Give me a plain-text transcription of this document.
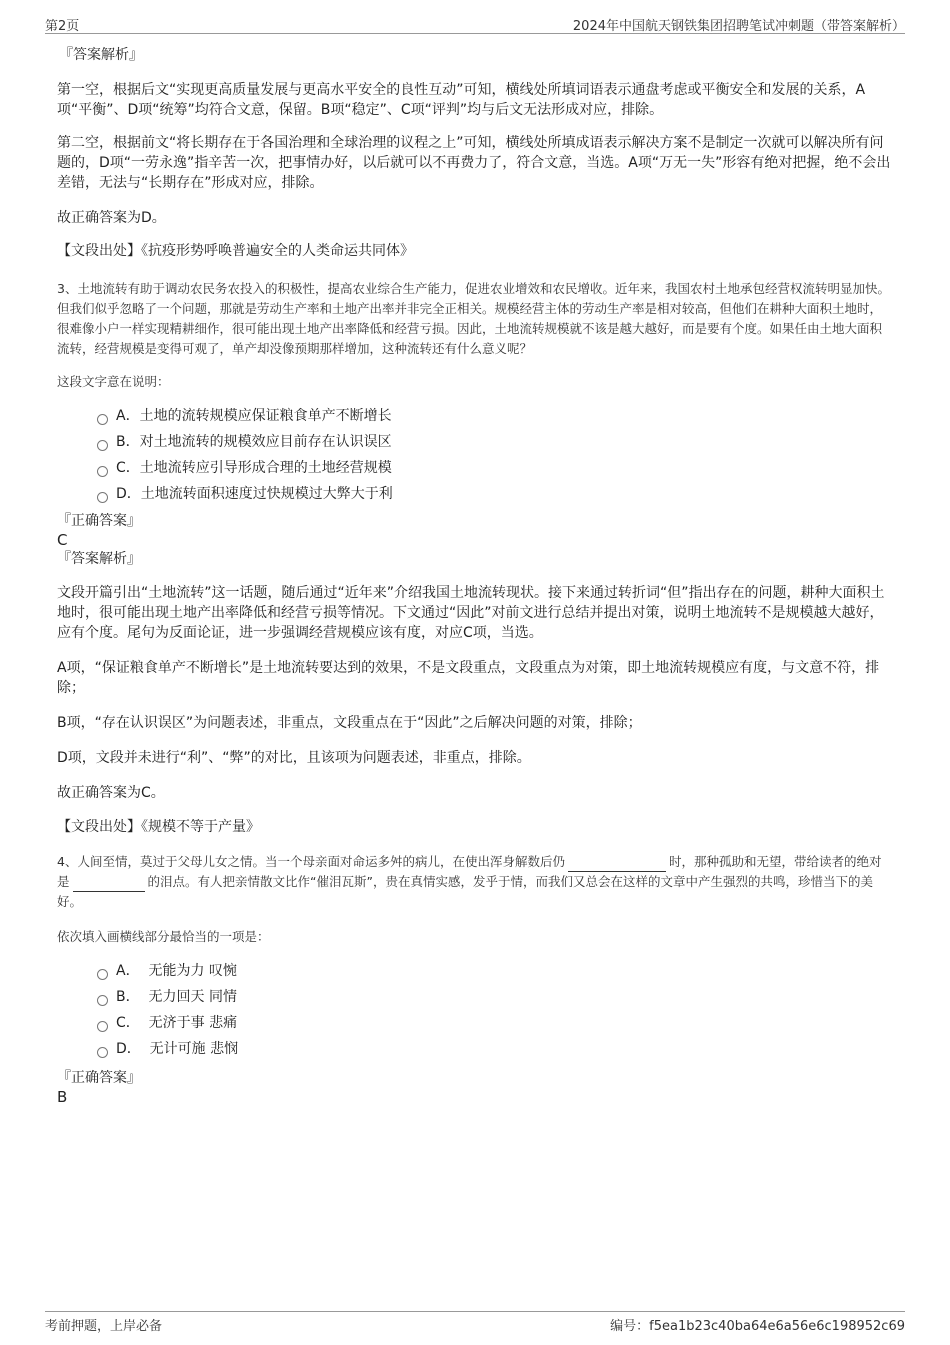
第2页	2024年中国航天钢铁集团招聘笔试冲刺题（带答案解析）
『答案解析』

第一空，根据后文“实现更高质量发展与更高水平安全的良性互动”可知，横线处所填词语表示通盘考虑或平衡安全和发展的关系，A项“平衡”、D项“统筹”均符合文意，保留。B项“稳定”、C项“评判”均与后文无法形成对应，排除。

第二空，根据前文“将长期存在于各国治理和全球治理的议程之上”可知，横线处所填成语表示解决方案不是制定一次就可以解决所有问题的，D项“一劳永逸”指辛苦一次，把事情办好，以后就可以不再费力了，符合文意，当选。A项“万无一失”形容有绝对把握，绝不会出差错，无法与“长期存在”形成对应，排除。

故正确答案为D。

【文段出处】《抗疫形势呼唤普遍安全的人类命运共同体》

3、土地流转有助于调动农民务农投入的积极性，提高农业综合生产能力，促进农业增效和农民增收。近年来，我国农村土地承包经营权流转明显加快。但我们似乎忽略了一个问题，那就是劳动生产率和土地产出率并非完全正相关。规模经营主体的劳动生产率是相对较高，但他们在耕种大面积土地时，很难像小户一样实现精耕细作，很可能出现土地产出率降低和经营亏损。因此，土地流转规模就不该是越大越好，而是要有个度。如果任由土地大面积流转，经营规模是变得可观了，单产却没像预期那样增加，这种流转还有什么意义呢？

这段文字意在说明：

A．土地的流转规模应保证粮食单产不断增长
B．对土地流转的规模效应目前存在认识误区
C．土地流转应引导形成合理的土地经营规模
D．土地流转面积速度过快规模过大弊大于利
『正确答案』
C
『答案解析』

文段开篇引出“土地流转”这一话题，随后通过“近年来”介绍我国土地流转现状。接下来通过转折词“但”指出存在的问题，耕种大面积土地时，很可能出现土地产出率降低和经营亏损等情况。下文通过“因此”对前文进行总结并提出对策，说明土地流转不是规模越大越好，应有个度。尾句为反面论证，进一步强调经营规模应该有度，对应C项，当选。

A项，“保证粮食单产不断增长”是土地流转要达到的效果，不是文段重点，文段重点为对策，即土地流转规模应有度，与文意不符，排除；

B项，“存在认识误区”为问题表述，非重点，文段重点在于“因此”之后解决问题的对策，排除；

D项，文段并未进行“利”、“弊”的对比，且该项为问题表述，非重点，排除。

故正确答案为C。

【文段出处】《规模不等于产量》

4、人间至情，莫过于父母儿女之情。当一个母亲面对命运多舛的病儿，在使出浑身解数后仍	时，那种孤助和无望，带给读者的绝对是	的泪点。有人把亲情散文比作“催泪瓦斯”，贵在真情实感，发乎于情，而我们又总会在这样的文章中产生强烈的共鸣，珍惜当下的美好。

依次填入画横线部分最恰当的一项是：

A．  无能为力 叹惋
B．  无力回天 同情
C．  无济于事 悲痛
D．  无计可施 悲悯
『正确答案』
B
考前押题，上岸必备	编号：f5ea1b23c40ba64e6a56e6c198952c69
